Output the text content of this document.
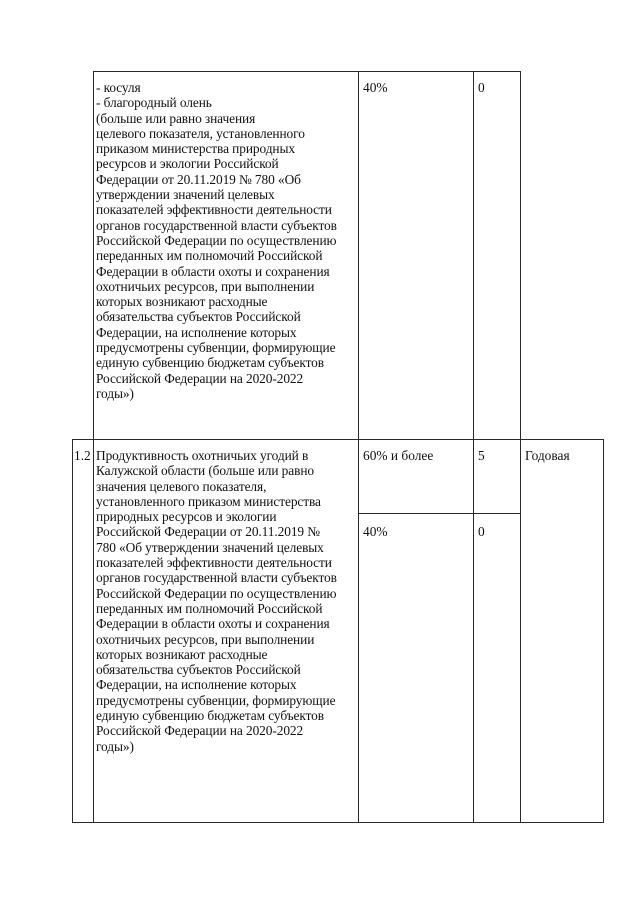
- косуля
- благородный олень
(больше или равно значения
целевого показателя, установленного
приказом министерства природных
ресурсов и экологии Российской
Федерации от 20.11.2019 № 780 «Об
утверждении значений целевых
показателей эффективности деятельности
органов государственной власти субъектов
Российской Федерации по осуществлению
переданных им полномочий Российской
Федерации в области охоты и сохранения
охотничьих ресурсов, при выполнении
которых возникают расходные
обязательства субъектов Российской
Федерации, на исполнение которых
предусмотрены субвенции, формирующие
единую субвенцию бюджетам субъектов
Российской Федерации на 2020-2022
годы»)
40%	0
1.2 Продуктивность охотничьих угодий в
Калужской области (больше или равно
значения целевого показателя,
установленного приказом министерства
природных ресурсов и экологии
Российской Федерации от 20.11.2019 №
780 «Об утверждении значений целевых
показателей эффективности деятельности
органов государственной власти субъектов
Российской Федерации по осуществлению
переданных им полномочий Российской
Федерации в области охоты и сохранения
охотничьих ресурсов, при выполнении
которых возникают расходные
обязательства субъектов Российской
Федерации, на исполнение которых
предусмотрены субвенции, формирующие
единую субвенцию бюджетам субъектов
Российской Федерации на 2020-2022
годы»)
60% и более	5	Годовая
40%	0
